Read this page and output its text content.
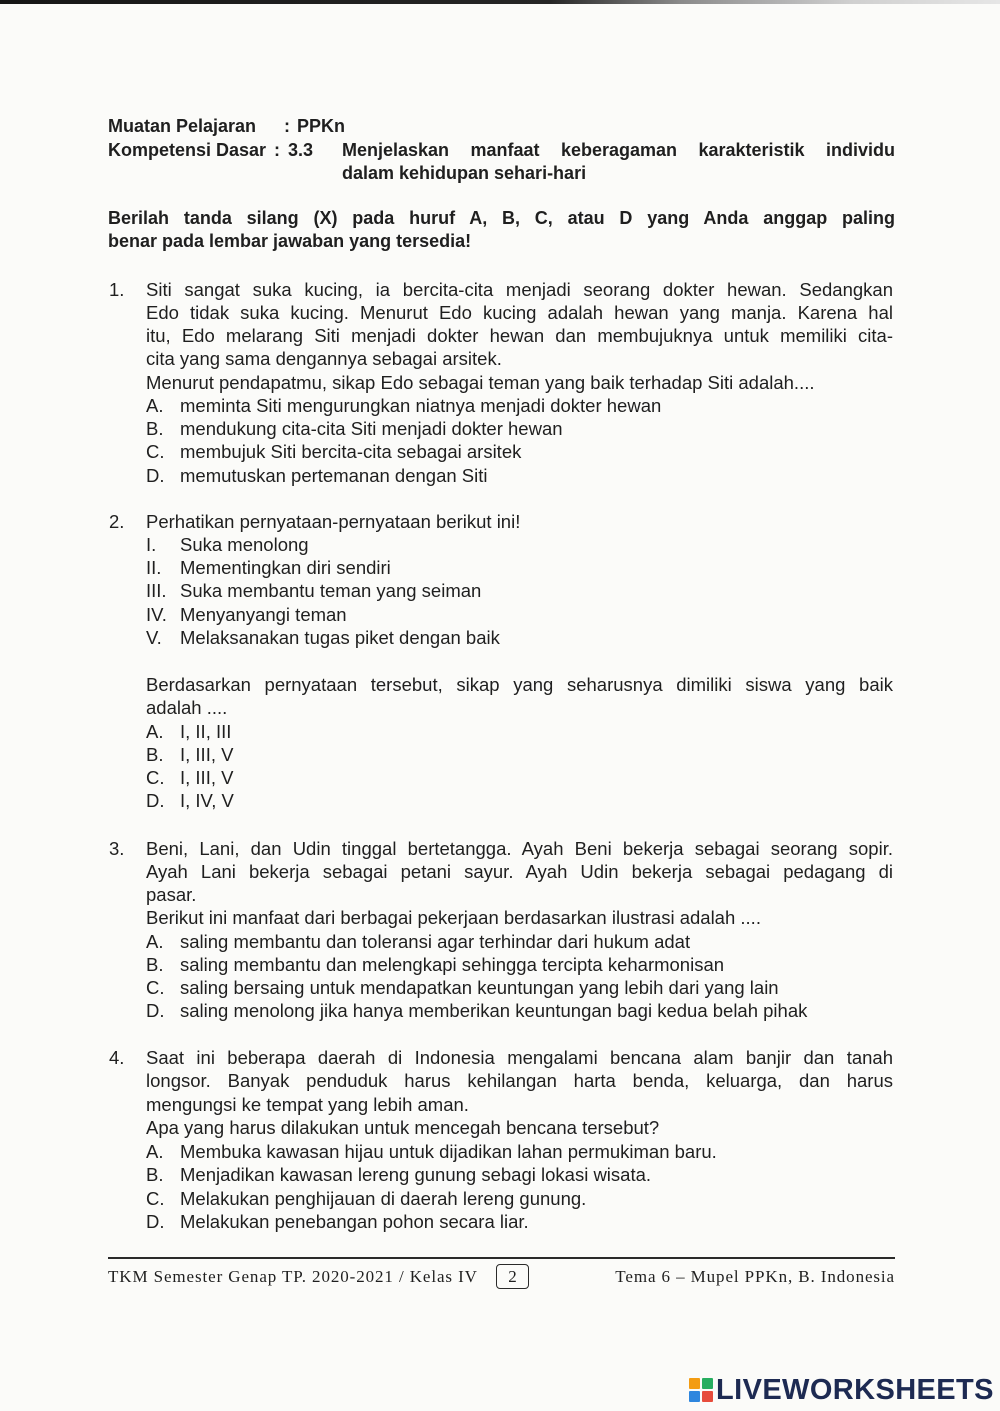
Muatan Pelajaran : PPKn
Kompetensi Dasar : 3.3 Menjelaskan manfaat keberagaman karakteristik individu
dalam kehidupan sehari-hari
Berilah tanda silang (X) pada huruf A, B, C, atau D yang Anda anggap paling
benar pada lembar jawaban yang tersedia!
1. Siti sangat suka kucing, ia bercita-cita menjadi seorang dokter hewan. Sedangkan
Edo tidak suka kucing. Menurut Edo kucing adalah hewan yang manja. Karena hal
itu, Edo melarang Siti menjadi dokter hewan dan membujuknya untuk memiliki cita-
cita yang sama dengannya sebagai arsitek.
Menurut pendapatmu, sikap Edo sebagai teman yang baik terhadap Siti adalah....
A. meminta Siti mengurungkan niatnya menjadi dokter hewan
B. mendukung cita-cita Siti menjadi dokter hewan
C. membujuk Siti bercita-cita sebagai arsitek
D. memutuskan pertemanan dengan Siti
2. Perhatikan pernyataan-pernyataan berikut ini!
I.	Suka menolong
II.	Mementingkan diri sendiri
III. Suka membantu teman yang seiman
IV. Menyanyangi teman
V. Melaksanakan tugas piket dengan baik
Berdasarkan pernyataan tersebut, sikap yang seharusnya dimiliki siswa yang baik
adalah ....
A. I, II, III
B. I, III, V
C. I, III, V
D. I, IV, V
3. Beni, Lani, dan Udin tinggal bertetangga. Ayah Beni bekerja sebagai seorang sopir.
Ayah Lani bekerja sebagai petani sayur. Ayah Udin bekerja sebagai pedagang di
pasar.
Berikut ini manfaat dari berbagai pekerjaan berdasarkan ilustrasi adalah ....
A. saling membantu dan toleransi agar terhindar dari hukum adat
B. saling membantu dan melengkapi sehingga tercipta keharmonisan
C. saling bersaing untuk mendapatkan keuntungan yang lebih dari yang lain
D. saling menolong jika hanya memberikan keuntungan bagi kedua belah pihak
4. Saat ini beberapa daerah di Indonesia mengalami bencana alam banjir dan tanah
longsor. Banyak penduduk harus kehilangan harta benda, keluarga, dan harus
mengungsi ke tempat yang lebih aman.
Apa yang harus dilakukan untuk mencegah bencana tersebut?
A. Membuka kawasan hijau untuk dijadikan lahan permukiman baru.
B. Menjadikan kawasan lereng gunung sebagi lokasi wisata.
C. Melakukan penghijauan di daerah lereng gunung.
D. Melakukan penebangan pohon secara liar.
TKM Semester Genap TP. 2020-2021 / Kelas IV	2	Tema 6 – Mupel PPKn, B. Indonesia
LIVEWORKSHEETS
